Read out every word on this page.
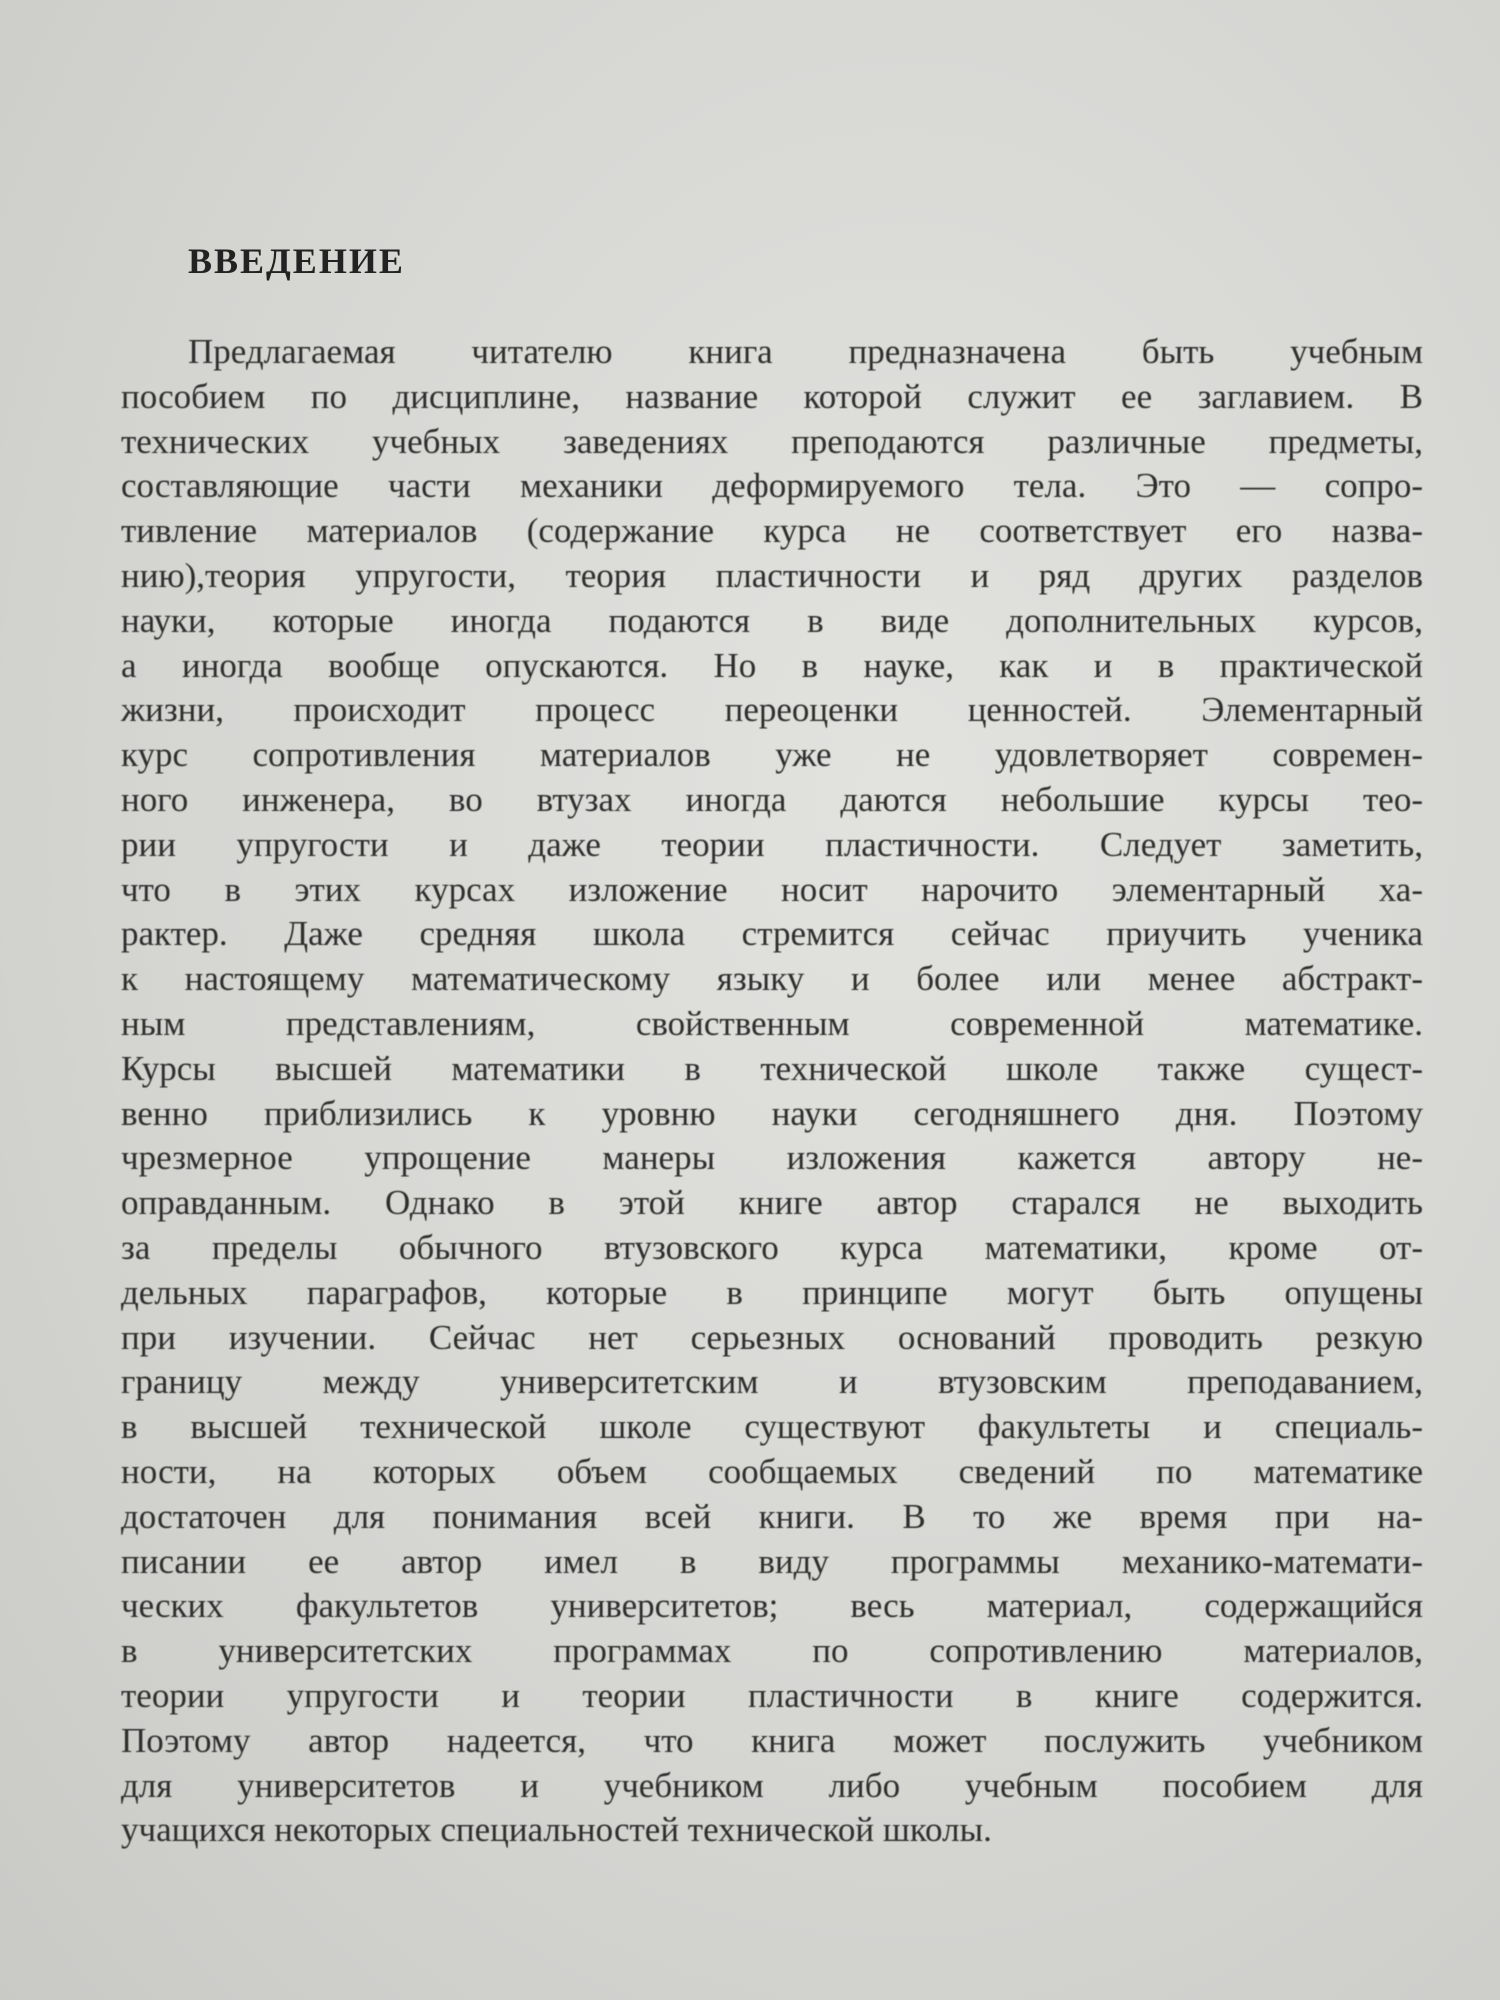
ВВЕДЕНИЕ
Предлагаемая читателю книга предназначена быть учебным
пособием по дисциплине, название которой служит ее заглавием. В
технических учебных заведениях преподаются различные предметы,
составляющие части механики деформируемого тела. Это — сопро-
тивление материалов (содержание курса не соответствует его назва-
нию),теория упругости, теория пластичности и ряд других разделов
науки, которые иногда подаются в виде дополнительных курсов,
а иногда вообще опускаются. Но в науке, как и в практической
жизни, происходит процесс переоценки ценностей. Элементарный
курс сопротивления материалов уже не удовлетворяет современ-
ного инженера, во втузах иногда даются небольшие курсы тео-
рии упругости и даже теории пластичности. Следует заметить,
что в этих курсах изложение носит нарочито элементарный ха-
рактер. Даже средняя школа стремится сейчас приучить ученика
к настоящему математическому языку и более или менее абстракт-
ным представлениям, свойственным современной математике.
Курсы высшей математики в технической школе также сущест-
венно приблизились к уровню науки сегодняшнего дня. Поэтому
чрезмерное упрощение манеры изложения кажется автору не-
оправданным. Однако в этой книге автор старался не выходить
за пределы обычного втузовского курса математики, кроме от-
дельных параграфов, которые в принципе могут быть опущены
при изучении. Сейчас нет серьезных оснований проводить резкую
границу между университетским и втузовским преподаванием,
в высшей технической школе существуют факультеты и специаль-
ности, на которых объем сообщаемых сведений по математике
достаточен для понимания всей книги. В то же время при на-
писании ее автор имел в виду программы механико-математи-
ческих факультетов университетов; весь материал, содержащийся
в университетских программах по сопротивлению материалов,
теории упругости и теории пластичности в книге содержится.
Поэтому автор надеется, что книга может послужить учебником
для университетов и учебником либо учебным пособием для
учащихся некоторых специальностей технической школы.
